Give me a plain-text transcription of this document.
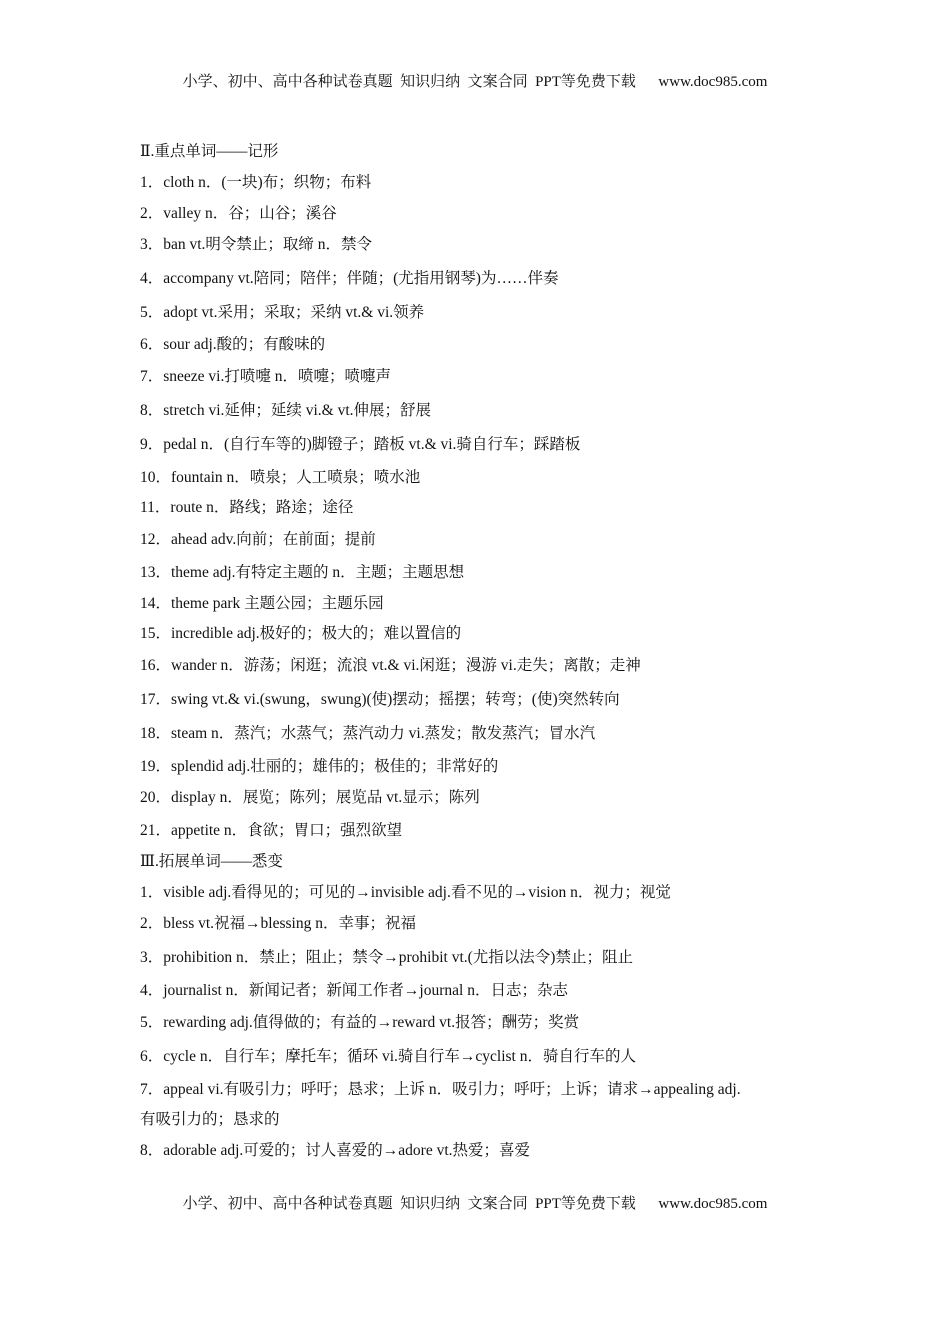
小学、初中、高中各种试卷真题  知识归纳  文案合同  PPT等免费下载      www.doc985.com
Ⅱ.重点单词——记形
1．cloth n．(一块)布；织物；布料
2．valley n．谷；山谷；溪谷
3．ban vt.明令禁止；取缔 n．禁令
4．accompany vt.陪同；陪伴；伴随；(尤指用钢琴)为……伴奏
5．adopt vt.采用；采取；采纳 vt.& vi.领养
6．sour adj.酸的；有酸味的
7．sneeze vi.打喷嚏 n．喷嚏；喷嚏声
8．stretch vi.延伸；延续 vi.& vt.伸展；舒展
9．pedal n．(自行车等的)脚镫子；踏板 vt.& vi.骑自行车；踩踏板
10．fountain n．喷泉；人工喷泉；喷水池
11．route n．路线；路途；途径
12．ahead adv.向前；在前面；提前
13．theme adj.有特定主题的 n．主题；主题思想
14．theme park 主题公园；主题乐园
15．incredible adj.极好的；极大的；难以置信的
16．wander n．游荡；闲逛；流浪 vt.& vi.闲逛；漫游 vi.走失；离散；走神
17．swing vt.& vi.(swung，swung)(使)摆动；摇摆；转弯；(使)突然转向
18．steam n．蒸汽；水蒸气；蒸汽动力 vi.蒸发；散发蒸汽；冒水汽
19．splendid adj.壮丽的；雄伟的；极佳的；非常好的
20．display n．展览；陈列；展览品 vt.显示；陈列
21．appetite n．食欲；胃口；强烈欲望
Ⅲ.拓展单词——悉变
1．visible adj.看得见的；可见的→invisible adj.看不见的→vision n．视力；视觉
2．bless vt.祝福→blessing n．幸事；祝福
3．prohibition n．禁止；阻止；禁令→prohibit vt.(尤指以法令)禁止；阻止
4．journalist n．新闻记者；新闻工作者→journal n．日志；杂志
5．rewarding adj.值得做的；有益的→reward vt.报答；酬劳；奖赏
6．cycle n．自行车；摩托车；循环 vi.骑自行车→cyclist n．骑自行车的人
7．appeal vi.有吸引力；呼吁；恳求；上诉 n．吸引力；呼吁；上诉；请求→appealing adj.
有吸引力的；恳求的
8．adorable adj.可爱的；讨人喜爱的→adore vt.热爱；喜爱
小学、初中、高中各种试卷真题  知识归纳  文案合同  PPT等免费下载      www.doc985.com
